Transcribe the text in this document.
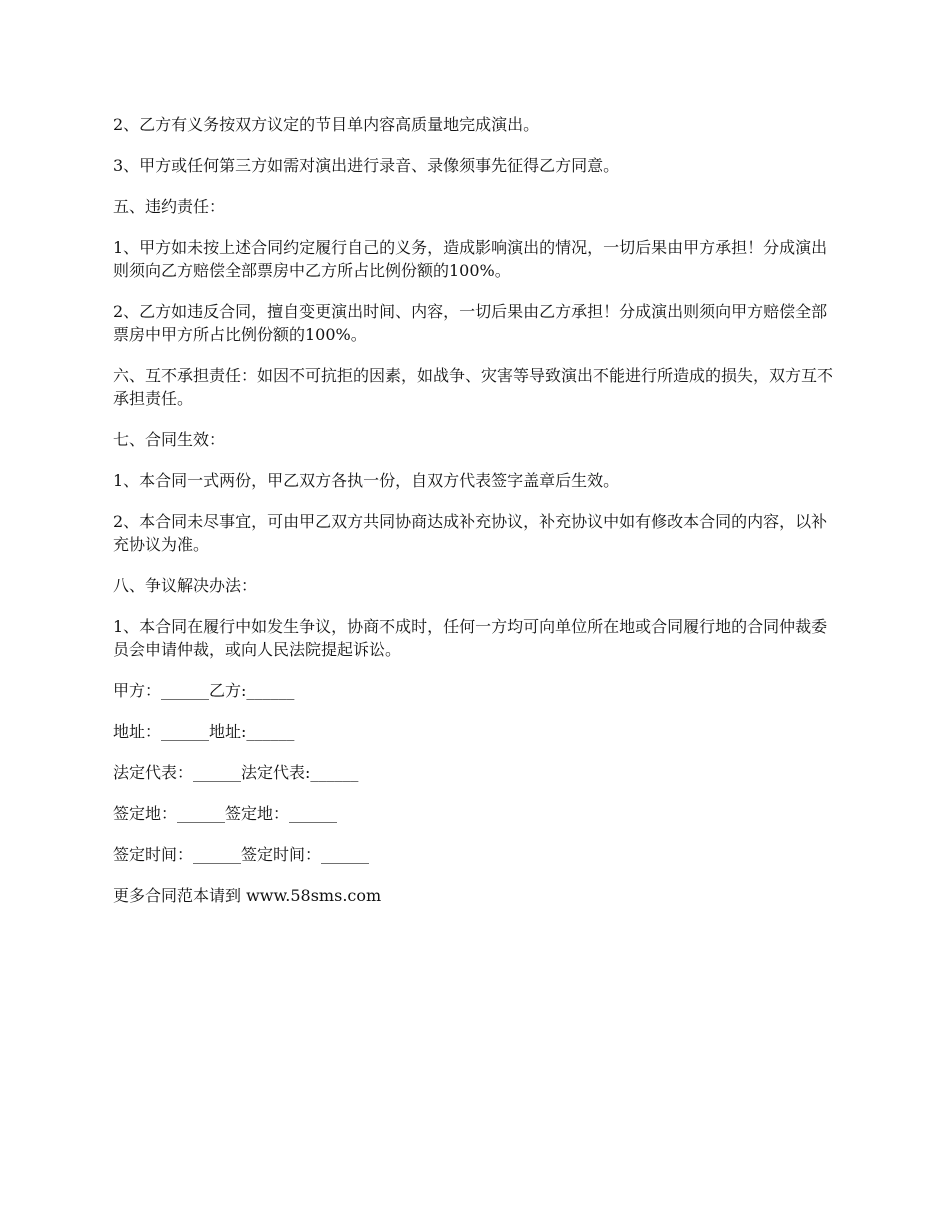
2、乙方有义务按双方议定的节目单内容高质量地完成演出。

3、甲方或任何第三方如需对演出进行录音、录像须事先征得乙方同意。

五、违约责任：

1、甲方如未按上述合同约定履行自己的义务，造成影响演出的情况，一切后果由甲方承担！分成演出则须向乙方赔偿全部票房中乙方所占比例份额的100%。

2、乙方如违反合同，擅自变更演出时间、内容，一切后果由乙方承担！分成演出则须向甲方赔偿全部票房中甲方所占比例份额的100%。

六、互不承担责任：如因不可抗拒的因素，如战争、灾害等导致演出不能进行所造成的损失，双方互不承担责任。

七、合同生效：

1、本合同一式两份，甲乙双方各执一份，自双方代表签字盖章后生效。

2、本合同未尽事宜，可由甲乙双方共同协商达成补充协议，补充协议中如有修改本合同的内容，以补充协议为准。

八、争议解决办法：

1、本合同在履行中如发生争议，协商不成时，任何一方均可向单位所在地或合同履行地的合同仲裁委员会申请仲裁，或向人民法院提起诉讼。

甲方：______乙方:______

地址：______地址:______

法定代表：______法定代表:______

签定地：______签定地：______

签定时间：______签定时间：______

更多合同范本请到 www.58sms.com
